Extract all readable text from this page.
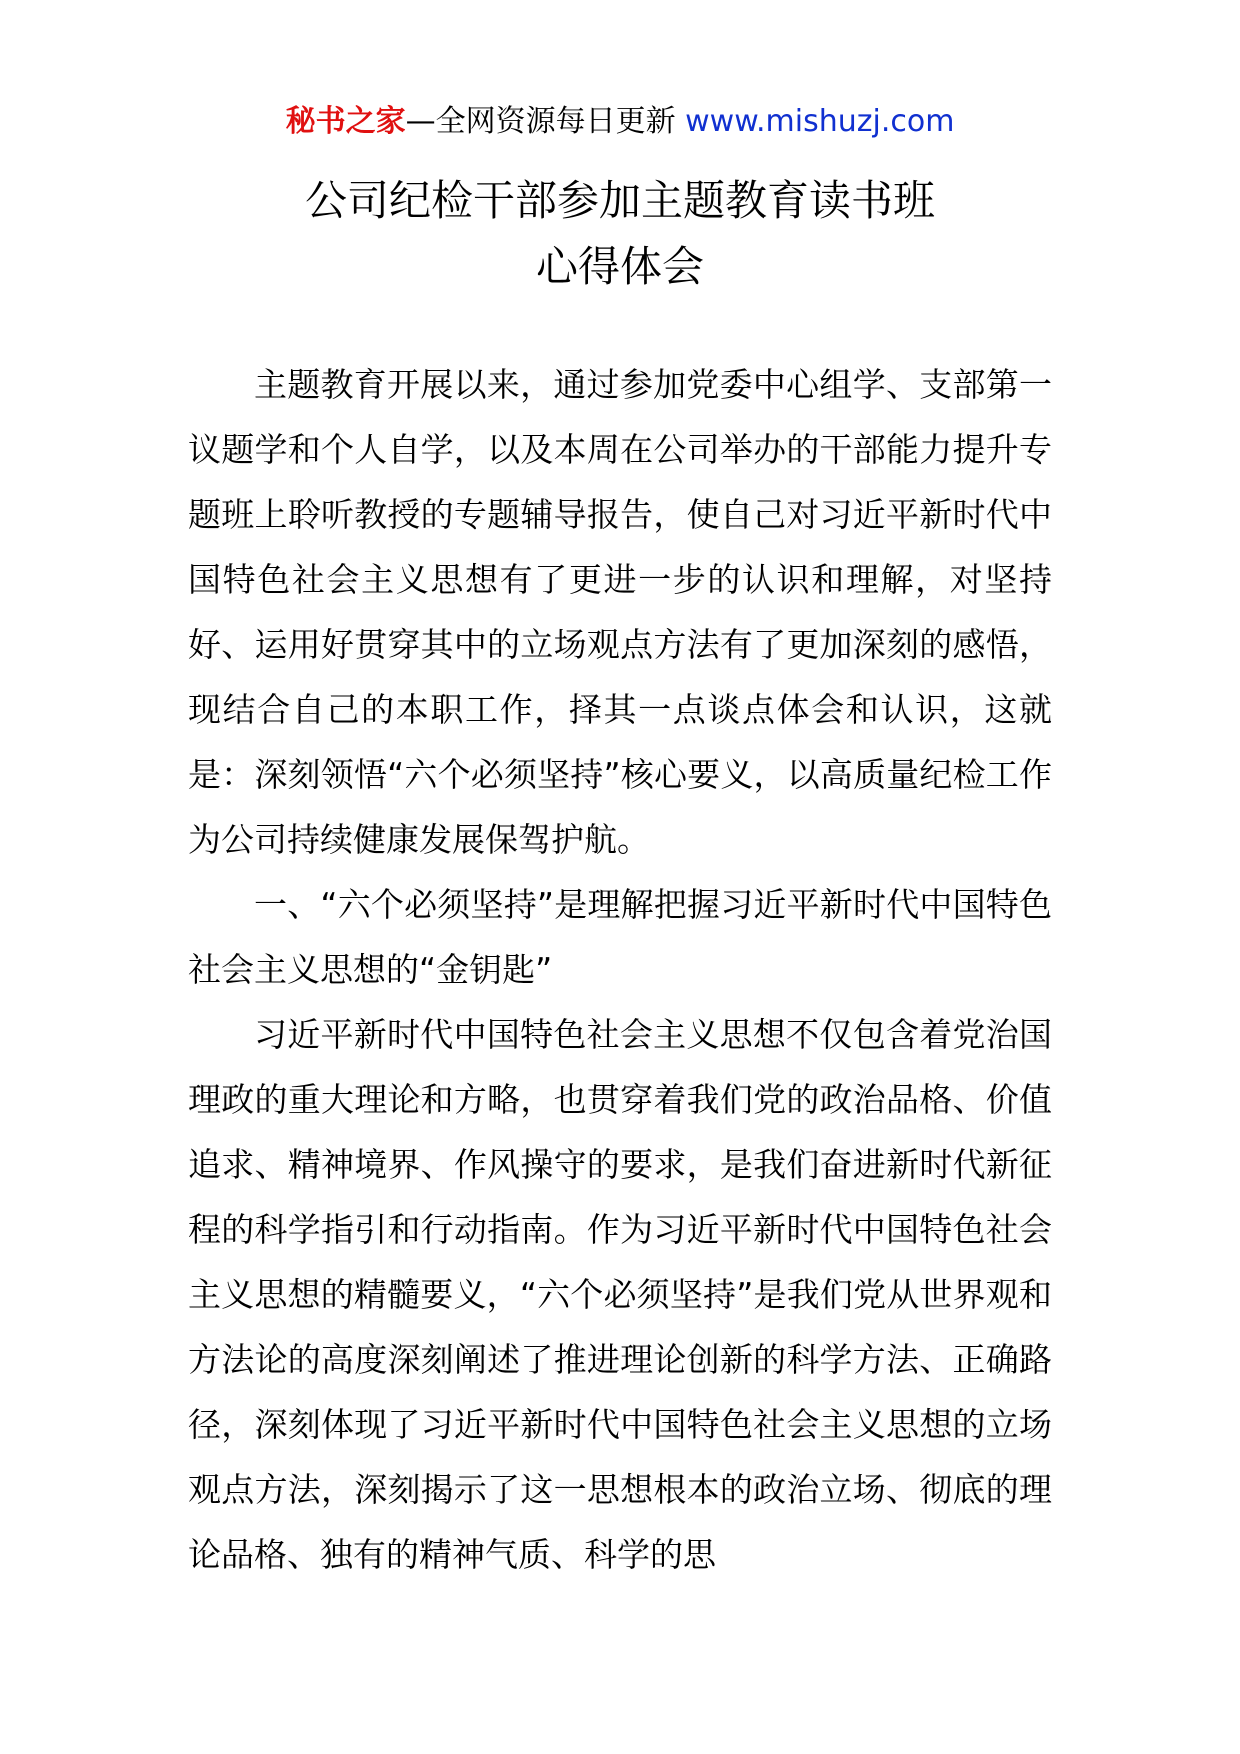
秘书之家—全网资源每日更新 www.mishuzj.com
公司纪检干部参加主题教育读书班
心得体会

主题教育开展以来，通过参加党委中心组学、支部第一议题学和个人自学，以及本周在公司举办的干部能力提升专题班上聆听教授的专题辅导报告，使自己对习近平新时代中国特色社会主义思想有了更进一步的认识和理解，对坚持好、运用好贯穿其中的立场观点方法有了更加深刻的感悟，现结合自己的本职工作，择其一点谈点体会和认识，这就是：深刻领悟“六个必须坚持”核心要义，以高质量纪检工作为公司持续健康发展保驾护航。

一、“六个必须坚持”是理解把握习近平新时代中国特色社会主义思想的“金钥匙”

习近平新时代中国特色社会主义思想不仅包含着党治国理政的重大理论和方略，也贯穿着我们党的政治品格、价值追求、精神境界、作风操守的要求，是我们奋进新时代新征程的科学指引和行动指南。作为习近平新时代中国特色社会主义思想的精髓要义，“六个必须坚持”是我们党从世界观和方法论的高度深刻阐述了推进理论创新的科学方法、正确路径，深刻体现了习近平新时代中国特色社会主义思想的立场观点方法，深刻揭示了这一思想根本的政治立场、彻底的理论品格、独有的精神气质、科学的思
